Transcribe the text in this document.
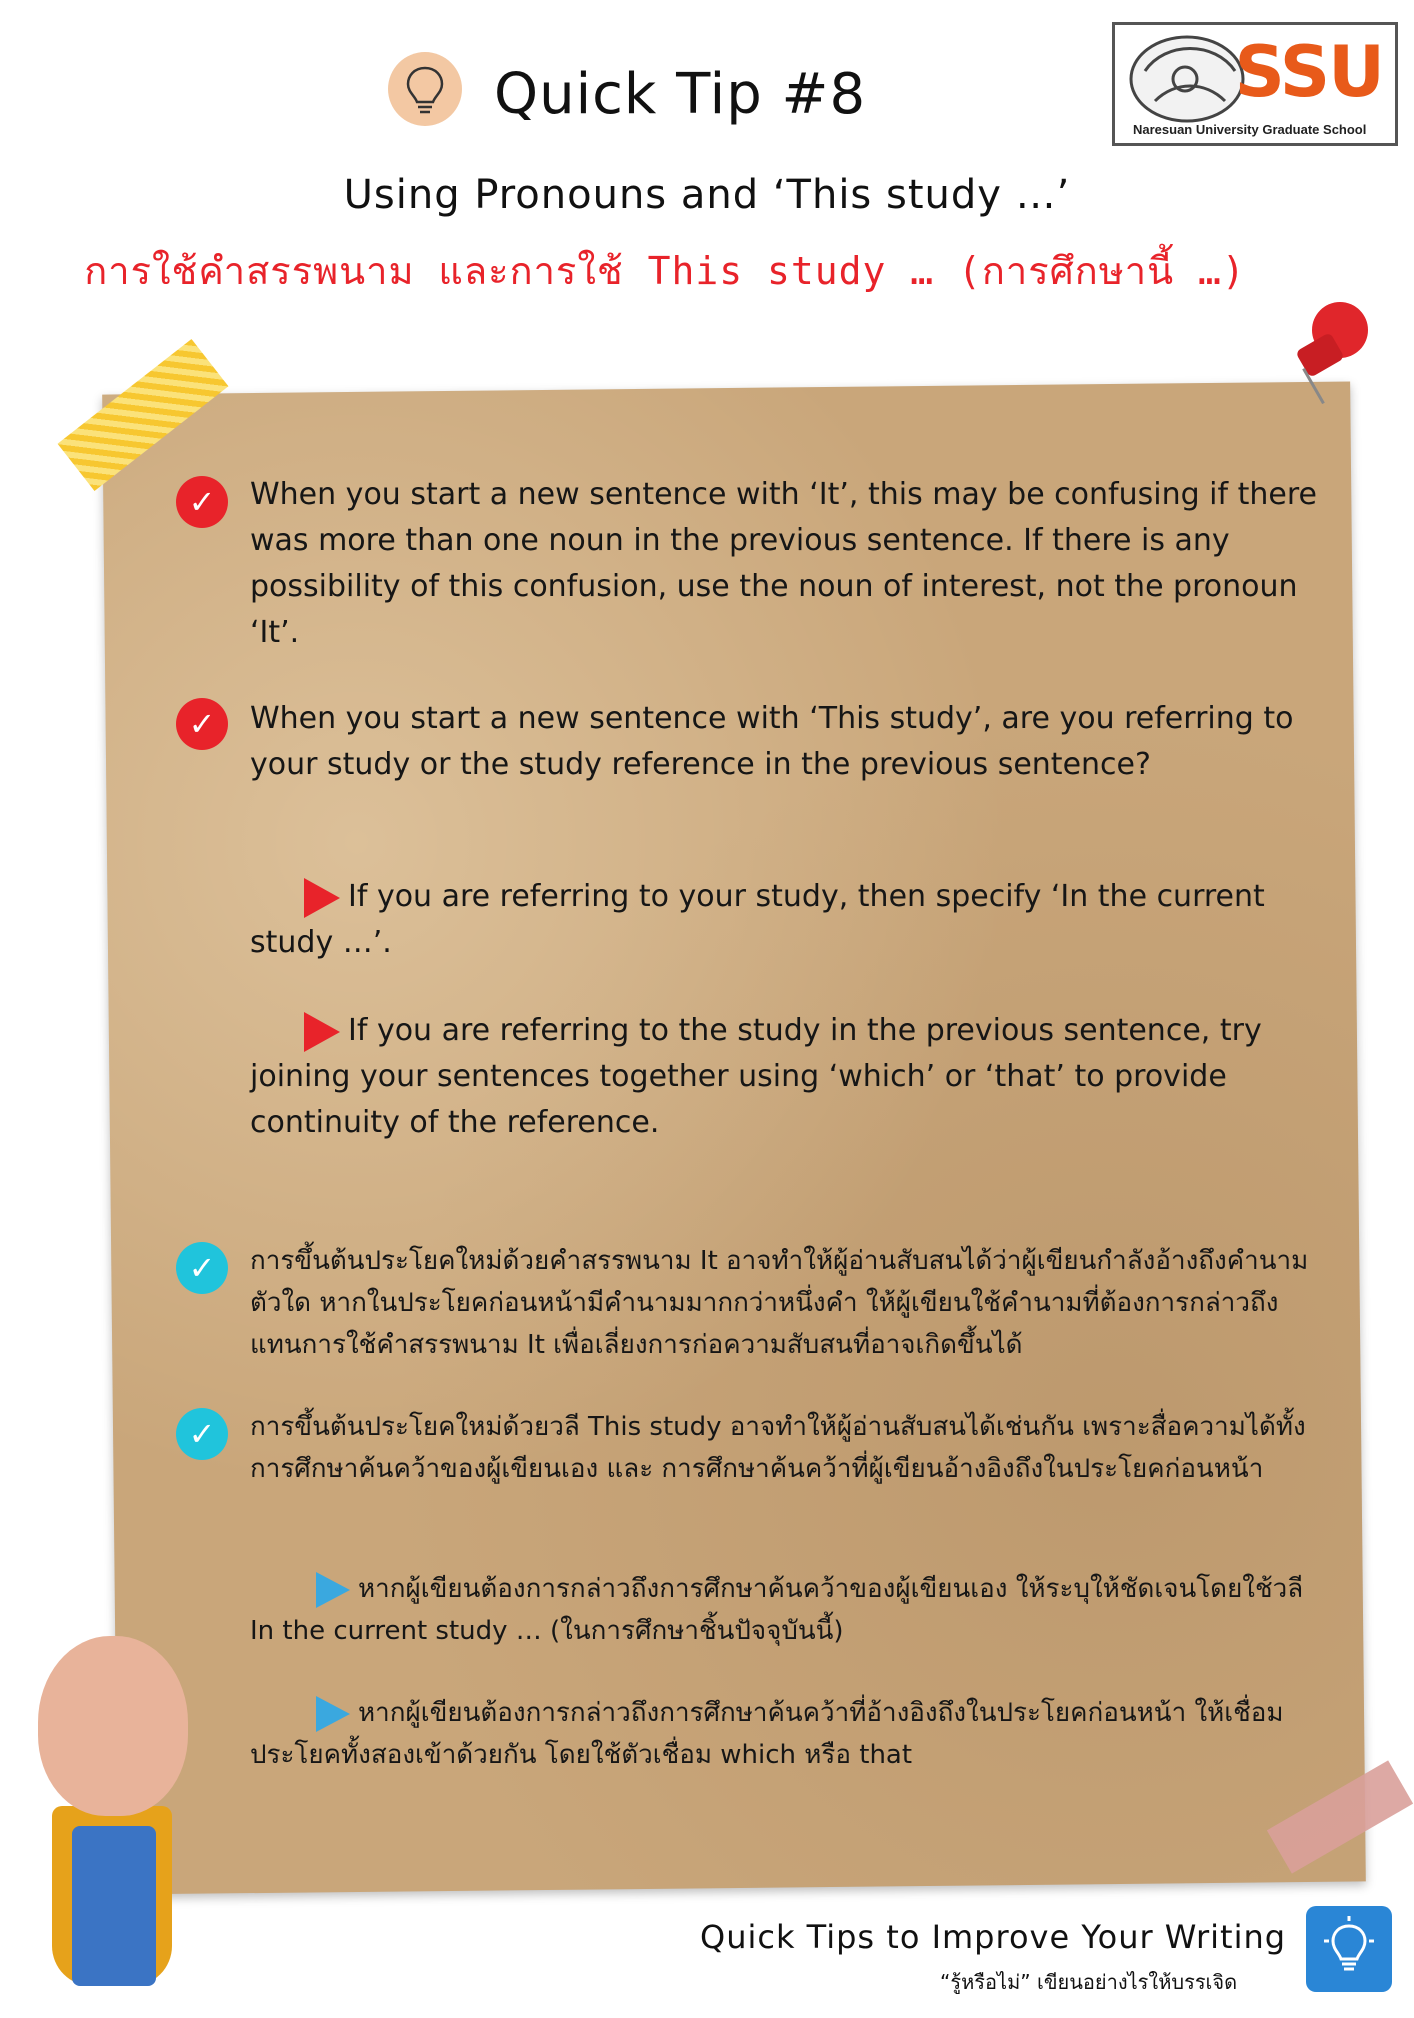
Quick Tip #8	SSU
Naresuan University Graduate School
Using Pronouns and ‘This study …’
การใช้คำสรรพนาม และการใช้ This study … (การศึกษานี้ …)
✓	When you start a new sentence with ‘It’, this may be confusing if there was more than one noun in the previous sentence. If there is any possibility of this confusion, use the noun of interest, not the pronoun ‘It’.
✓	When you start a new sentence with ‘This study’, are you referring to your study or the study reference in the previous sentence?
If you are referring to your study, then specify ‘In the current study …’.
If you are referring to the study in the previous sentence, try joining your sentences together using ‘which’ or ‘that’ to provide continuity of the reference.
✓	การขึ้นต้นประโยคใหม่ด้วยคำสรรพนาม It อาจทำให้ผู้อ่านสับสนได้ว่าผู้เขียนกำลังอ้างถึงคำนามตัวใด หากในประโยคก่อนหน้ามีคำนามมากกว่าหนึ่งคำ ให้ผู้เขียนใช้คำนามที่ต้องการกล่าวถึง แทนการใช้คำสรรพนาม It เพื่อเลี่ยงการก่อความสับสนที่อาจเกิดขึ้นได้
✓	การขึ้นต้นประโยคใหม่ด้วยวลี This study อาจทำให้ผู้อ่านสับสนได้เช่นกัน เพราะสื่อความได้ทั้ง การศึกษาค้นคว้าของผู้เขียนเอง และ การศึกษาค้นคว้าที่ผู้เขียนอ้างอิงถึงในประโยคก่อนหน้า
หากผู้เขียนต้องการกล่าวถึงการศึกษาค้นคว้าของผู้เขียนเอง ให้ระบุให้ชัดเจนโดยใช้วลี In the current study … (ในการศึกษาชิ้นปัจจุบันนี้)
หากผู้เขียนต้องการกล่าวถึงการศึกษาค้นคว้าที่อ้างอิงถึงในประโยคก่อนหน้า ให้เชื่อมประโยคทั้งสองเข้าด้วยกัน โดยใช้ตัวเชื่อม which หรือ that
Quick Tips to Improve Your Writing
“รู้หรือไม่” เขียนอย่างไรให้บรรเจิด
